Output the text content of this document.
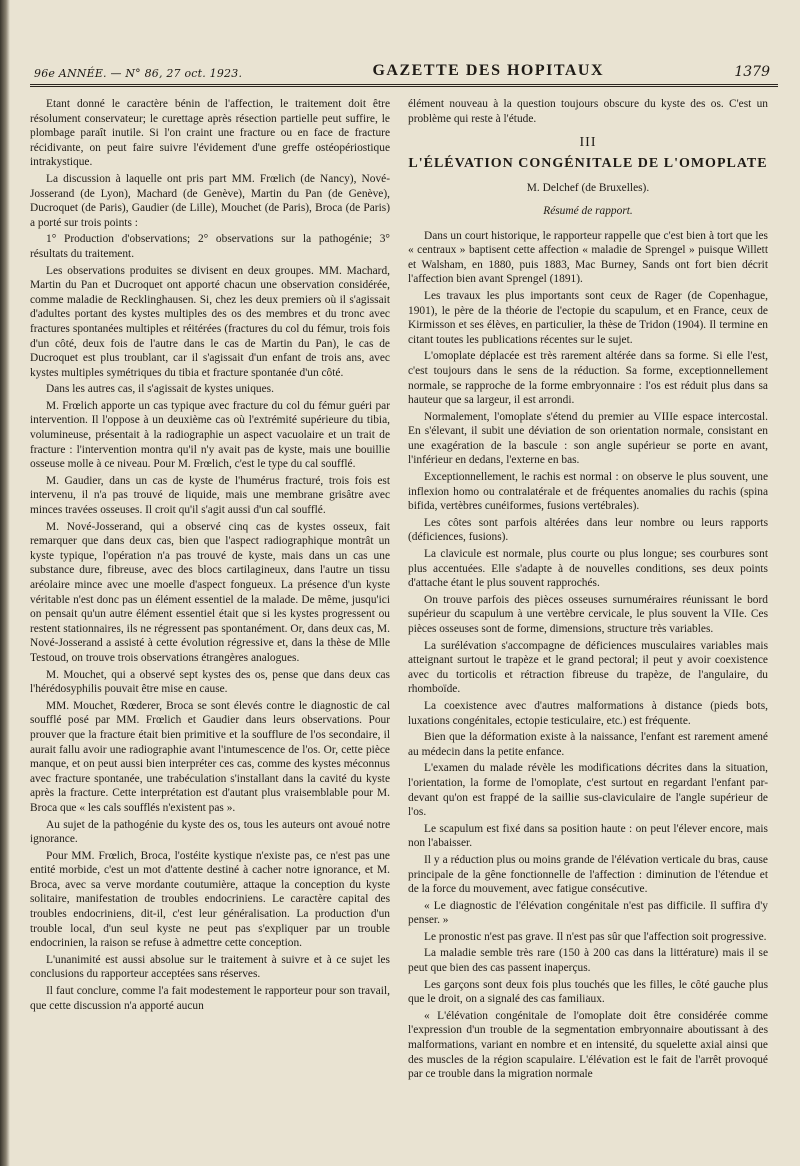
96e ANNÉE. — N° 86, 27 oct. 1923.	GAZETTE DES HOPITAUX	1379

Etant donné le caractère bénin de l'affection, le traitement doit être résolument conservateur; le curettage après résection partielle peut suffire, le plombage paraît inutile. Si l'on craint une fracture ou en face de fracture récidivante, on peut faire suivre l'évidement d'une greffe ostéopériostique intrakystique.

La discussion à laquelle ont pris part MM. Frœlich (de Nancy), Nové-Josserand (de Lyon), Machard (de Genève), Martin du Pan (de Genève), Ducroquet (de Paris), Gaudier (de Lille), Mouchet (de Paris), Broca (de Paris) a porté sur trois points :

1° Production d'observations; 2° observations sur la pathogénie; 3° résultats du traitement.

Les observations produites se divisent en deux groupes. MM. Machard, Martin du Pan et Ducroquet ont apporté chacun une observation considérée, comme maladie de Recklinghausen. Si, chez les deux premiers où il s'agissait d'adultes portant des kystes multiples des os des membres et du tronc avec fractures spontanées multiples et réitérées (fractures du col du fémur, trois fois d'un côté, deux fois de l'autre dans le cas de Martin du Pan), le cas de Ducroquet est plus troublant, car il s'agissait d'un enfant de trois ans, avec kystes multiples symétriques du tibia et fracture spontanée d'un côté.

Dans les autres cas, il s'agissait de kystes uniques.

M. Frœlich apporte un cas typique avec fracture du col du fémur guéri par intervention. Il l'oppose à un deuxième cas où l'extrémité supérieure du tibia, volumineuse, présentait à la radiographie un aspect vacuolaire et un trait de fracture : l'intervention montra qu'il n'y avait pas de kyste, mais une bouillie osseuse molle à ce niveau. Pour M. Frœlich, c'est le type du cal soufflé.

M. Gaudier, dans un cas de kyste de l'humérus fracturé, trois fois est intervenu, il n'a pas trouvé de liquide, mais une membrane grisâtre avec minces travées osseuses. Il croit qu'il s'agit aussi d'un cal soufflé.

M. Nové-Josserand, qui a observé cinq cas de kystes osseux, fait remarquer que dans deux cas, bien que l'aspect radiographique montrât un kyste typique, l'opération n'a pas trouvé de kyste, mais dans un cas une substance dure, fibreuse, avec des blocs cartilagineux, dans l'autre un tissu aréolaire mince avec une moelle d'aspect fongueux. La présence d'un kyste véritable n'est donc pas un élément essentiel de la malade. De même, jusqu'ici on pensait qu'un autre élément essentiel était que si les kystes progressent ou restent stationnaires, ils ne régressent pas spontanément. Or, dans deux cas, M. Nové-Josserand a assisté à cette évolution régressive et, dans la thèse de Mlle Testoud, on trouve trois observations étrangères analogues.

M. Mouchet, qui a observé sept kystes des os, pense que dans deux cas l'hérédosyphilis pouvait être mise en cause.

MM. Mouchet, Rœderer, Broca se sont élevés contre le diagnostic de cal soufflé posé par MM. Frœlich et Gaudier dans leurs observations. Pour prouver que la fracture était bien primitive et la soufflure de l'os secondaire, il aurait fallu avoir une radiographie avant l'intumescence de l'os. Or, cette pièce manque, et on peut aussi bien interpréter ces cas, comme des kystes méconnus avec fracture spontanée, une trabéculation s'installant dans la cavité du kyste après la fracture. Cette interprétation est d'autant plus vraisemblable pour M. Broca que « les cals soufflés n'existent pas ».

Au sujet de la pathogénie du kyste des os, tous les auteurs ont avoué notre ignorance.

Pour MM. Frœlich, Broca, l'ostéite kystique n'existe pas, ce n'est pas une entité morbide, c'est un mot d'attente destiné à cacher notre ignorance, et M. Broca, avec sa verve mordante coutumière, attaque la conception du kyste solitaire, manifestation de troubles endocriniens. Le caractère capital des troubles endocriniens, dit-il, c'est leur généralisation. La production d'un trouble local, d'un seul kyste ne peut pas s'expliquer par un trouble endocrinien, la raison se refuse à admettre cette conception.

L'unanimité est aussi absolue sur le traitement à suivre et à ce sujet les conclusions du rapporteur acceptées sans réserves.

Il faut conclure, comme l'a fait modestement le rapporteur pour son travail, que cette discussion n'a apporté aucun

élément nouveau à la question toujours obscure du kyste des os. C'est un problème qui reste à l'étude.

III
L'ÉLÉVATION CONGÉNITALE DE L'OMOPLATE
M. Delchef (de Bruxelles).
Résumé de rapport.

Dans un court historique, le rapporteur rappelle que c'est bien à tort que les « centraux » baptisent cette affection « maladie de Sprengel » puisque Willett et Walsham, en 1880, puis 1883, Mac Burney, Sands ont fort bien décrit l'affection bien avant Sprengel (1891).

Les travaux les plus importants sont ceux de Rager (de Copenhague, 1901), le père de la théorie de l'ectopie du scapulum, et en France, ceux de Kirmisson et ses élèves, en particulier, la thèse de Tridon (1904). Il termine en citant toutes les publications récentes sur le sujet.

L'omoplate déplacée est très rarement altérée dans sa forme. Si elle l'est, c'est toujours dans le sens de la réduction. Sa forme, exceptionnellement normale, se rapproche de la forme embryonnaire : l'os est réduit plus dans sa hauteur que sa largeur, il est arrondi.

Normalement, l'omoplate s'étend du premier au VIIIe espace intercostal. En s'élevant, il subit une déviation de son orientation normale, consistant en une exagération de la bascule : son angle supérieur se porte en avant, l'inférieur en dedans, l'externe en bas.

Exceptionnellement, le rachis est normal : on observe le plus souvent, une inflexion homo ou contralatérale et de fréquentes anomalies du rachis (spina bifida, vertèbres cunéiformes, fusions vertébrales).

Les côtes sont parfois altérées dans leur nombre ou leurs rapports (déficiences, fusions).

La clavicule est normale, plus courte ou plus longue; ses courbures sont plus accentuées. Elle s'adapte à de nouvelles conditions, ses deux points d'attache étant le plus souvent rapprochés.

On trouve parfois des pièces osseuses surnuméraires réunissant le bord supérieur du scapulum à une vertèbre cervicale, le plus souvent la VIIe. Ces pièces osseuses sont de forme, dimensions, structure très variables.

La surélévation s'accompagne de déficiences musculaires variables mais atteignant surtout le trapèze et le grand pectoral; il peut y avoir coexistence avec du torticolis et rétraction fibreuse du trapèze, de l'angulaire, du rhomboïde.

La coexistence avec d'autres malformations à distance (pieds bots, luxations congénitales, ectopie testiculaire, etc.) est fréquente.

Bien que la déformation existe à la naissance, l'enfant est rarement amené au médecin dans la petite enfance.

L'examen du malade révèle les modifications décrites dans la situation, l'orientation, la forme de l'omoplate, c'est surtout en regardant l'enfant par-devant qu'on est frappé de la saillie sus-claviculaire de l'angle supérieur de l'os.

Le scapulum est fixé dans sa position haute : on peut l'élever encore, mais non l'abaisser.

Il y a réduction plus ou moins grande de l'élévation verticale du bras, cause principale de la gêne fonctionnelle de l'affection : diminution de l'étendue et de la force du mouvement, avec fatigue consécutive.

« Le diagnostic de l'élévation congénitale n'est pas difficile. Il suffira d'y penser. »

Le pronostic n'est pas grave. Il n'est pas sûr que l'affection soit progressive.

La maladie semble très rare (150 à 200 cas dans la littérature) mais il se peut que bien des cas passent inaperçus.

Les garçons sont deux fois plus touchés que les filles, le côté gauche plus que le droit, on a signalé des cas familiaux.

« L'élévation congénitale de l'omoplate doit être considérée comme l'expression d'un trouble de la segmentation embryonnaire aboutissant à des malformations, variant en nombre et en intensité, du squelette axial ainsi que des muscles de la région scapulaire. L'élévation est le fait de l'arrêt provoqué par ce trouble dans la migration normale
